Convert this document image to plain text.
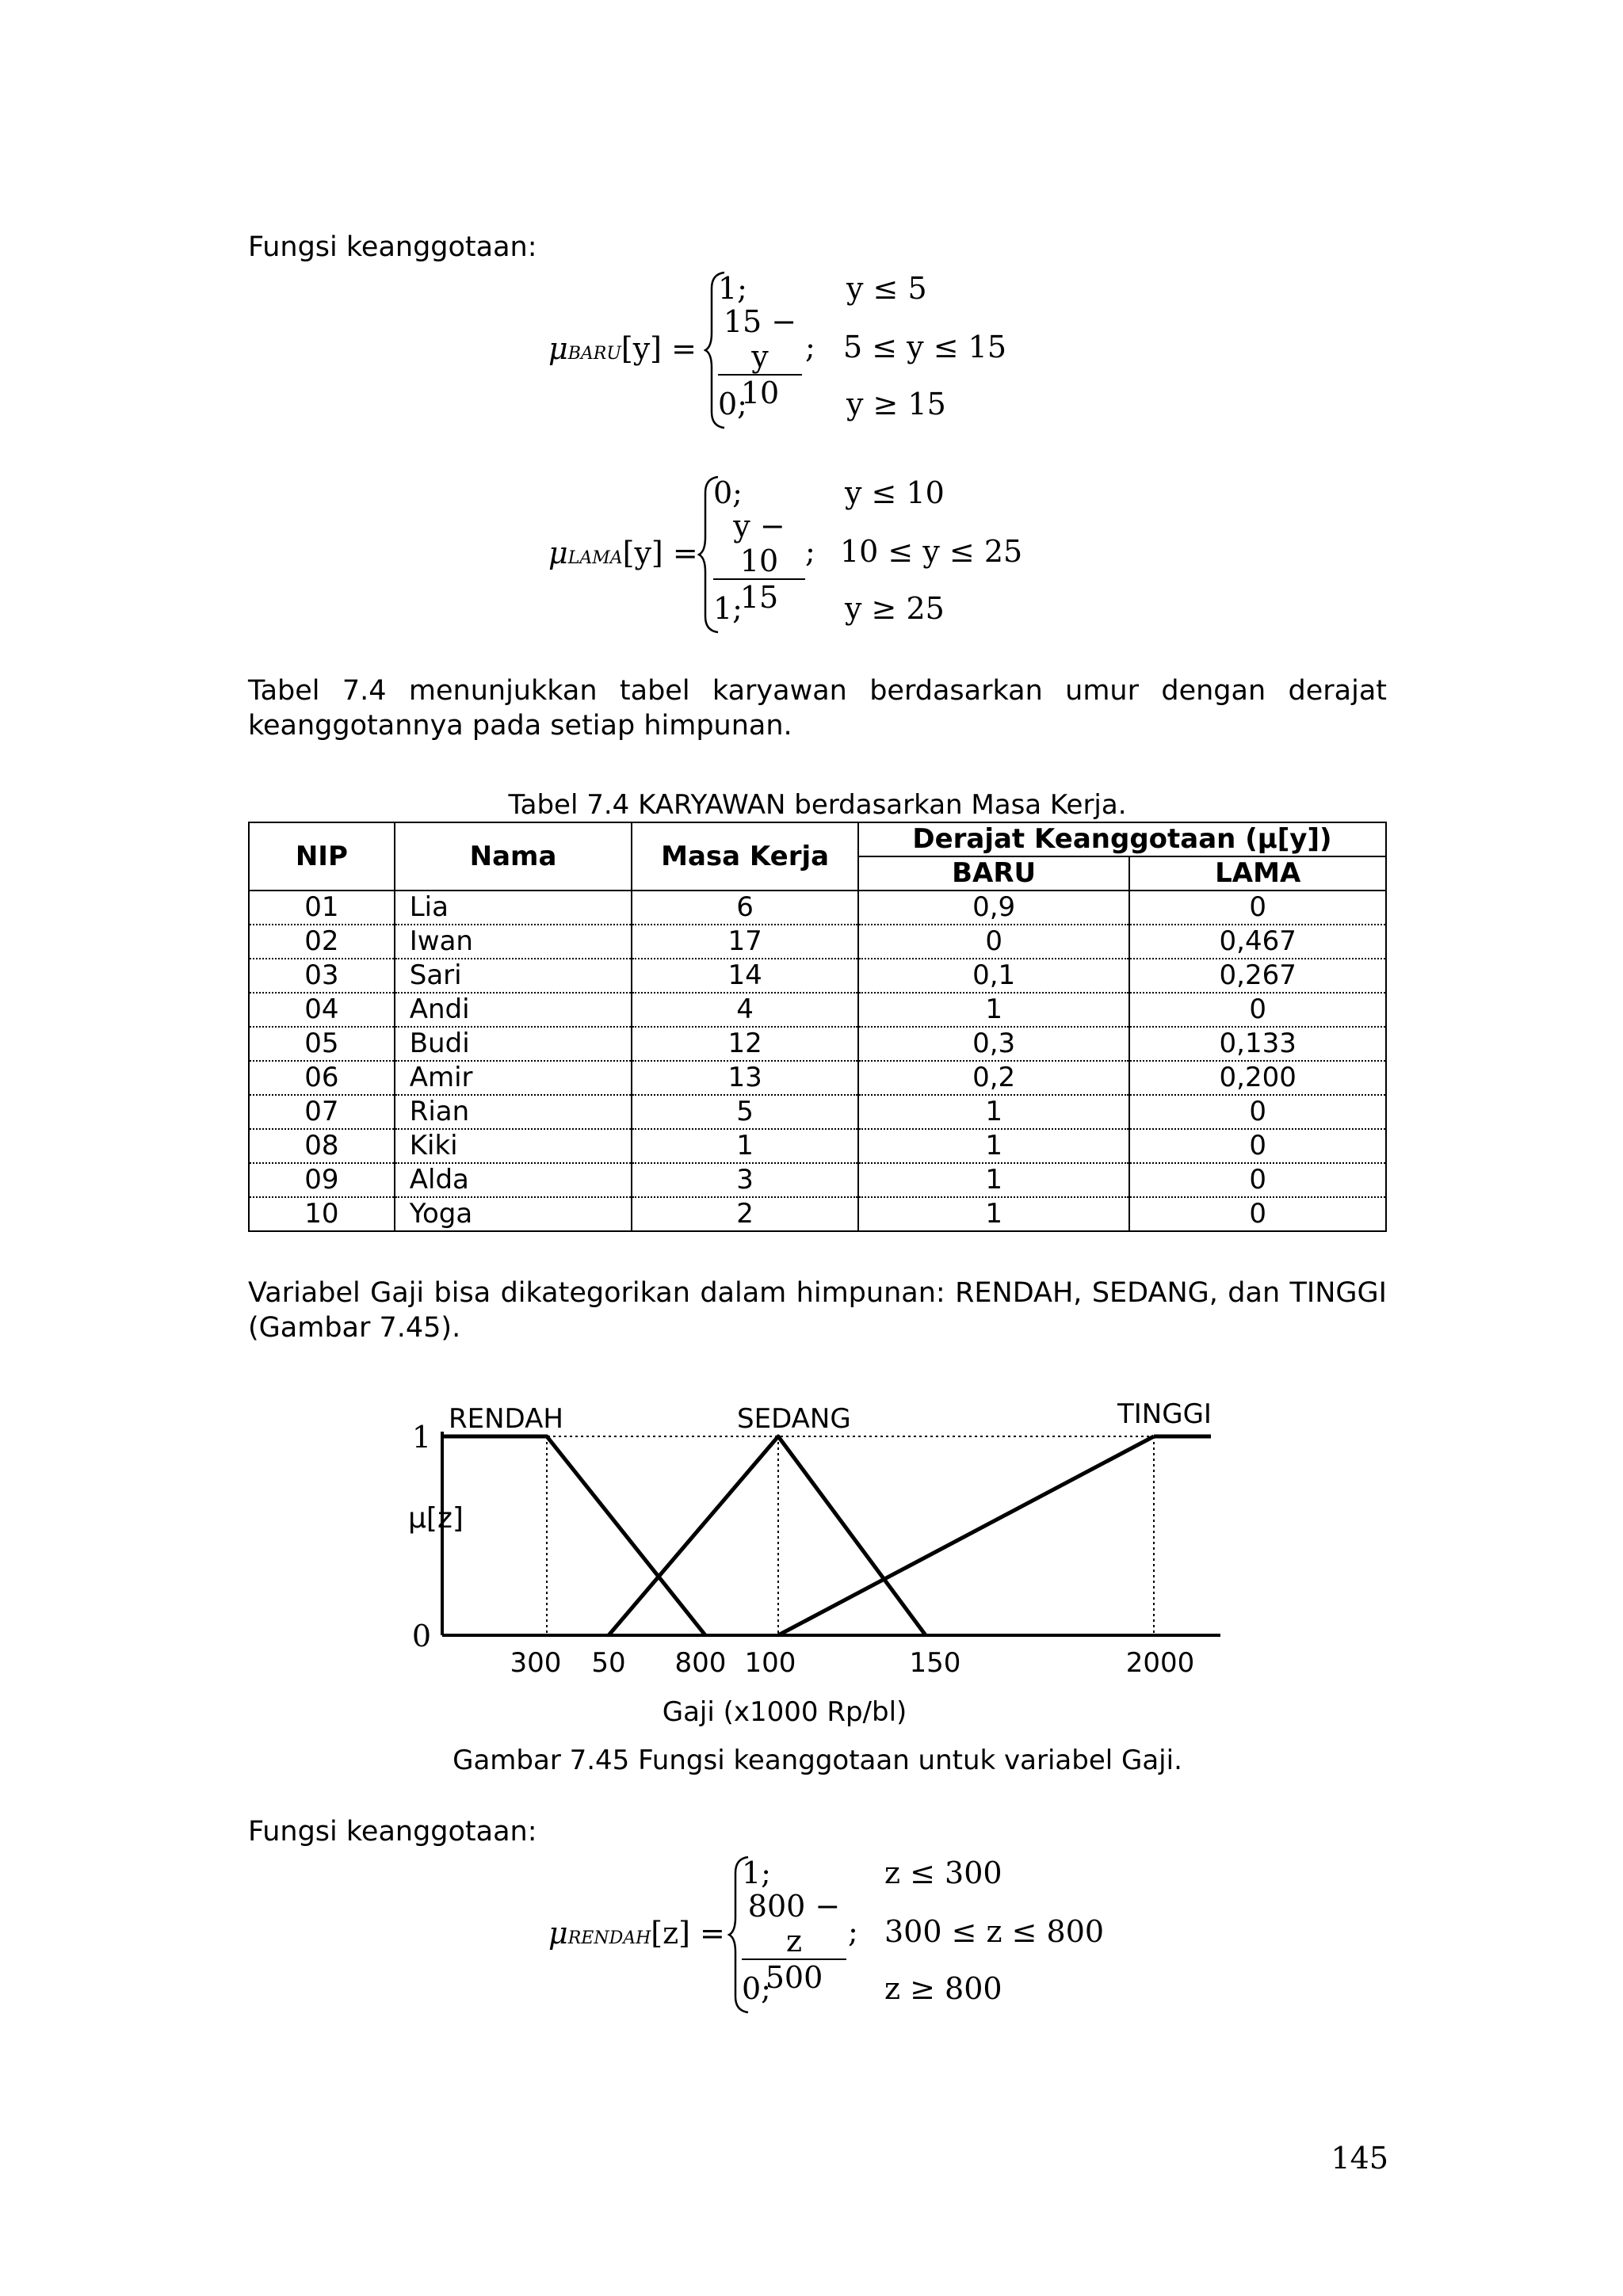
Fungsi keanggotaan:
μBARU[y] =
1;	y ≤ 5
$\frac{15 - y}{10}$ ; 5 ≤ y ≤ 15
0;	y ≥ 15
μLAMA[y] =
0;	y ≤ 10
$\frac{y - 10}{15}$ ; 10 ≤ y ≤ 25
1;	y ≥ 25
Tabel 7.4 menunjukkan tabel karyawan berdasarkan umur dengan derajat
keanggotannya pada setiap himpunan.
Tabel 7.4 KARYAWAN berdasarkan Masa Kerja.
NIP	Nama	Masa Kerja	Derajat Keanggotaan (μ[y])	
			BARU	LAMA
01	Lia	6	0,9	0
02	Iwan	17	0	0,467
03	Sari	14	0,1	0,267
04	Andi	4	1	0
05	Budi	12	0,3	0,133
06	Amir	13	0,2	0,200
07	Rian	5	1	0
08	Kiki	1	1	0
09	Alda	3	1	0
10	Yoga	2	1	0
Variabel Gaji bisa dikategorikan dalam himpunan: RENDAH, SEDANG, dan TINGGI
(Gambar 7.45).
RENDAH	SEDANG	TINGGI
1
0
μ[z]
300 50 800 100	150	2000
Gaji (x1000 Rp/bl)
Gambar 7.45 Fungsi keanggotaan untuk variabel Gaji.
Fungsi keanggotaan:
μRENDAH[z] =
1;	z ≤ 300
$\frac{800 - z}{500}$ ; 300 ≤ z ≤ 800
0;	z ≥ 800
145
